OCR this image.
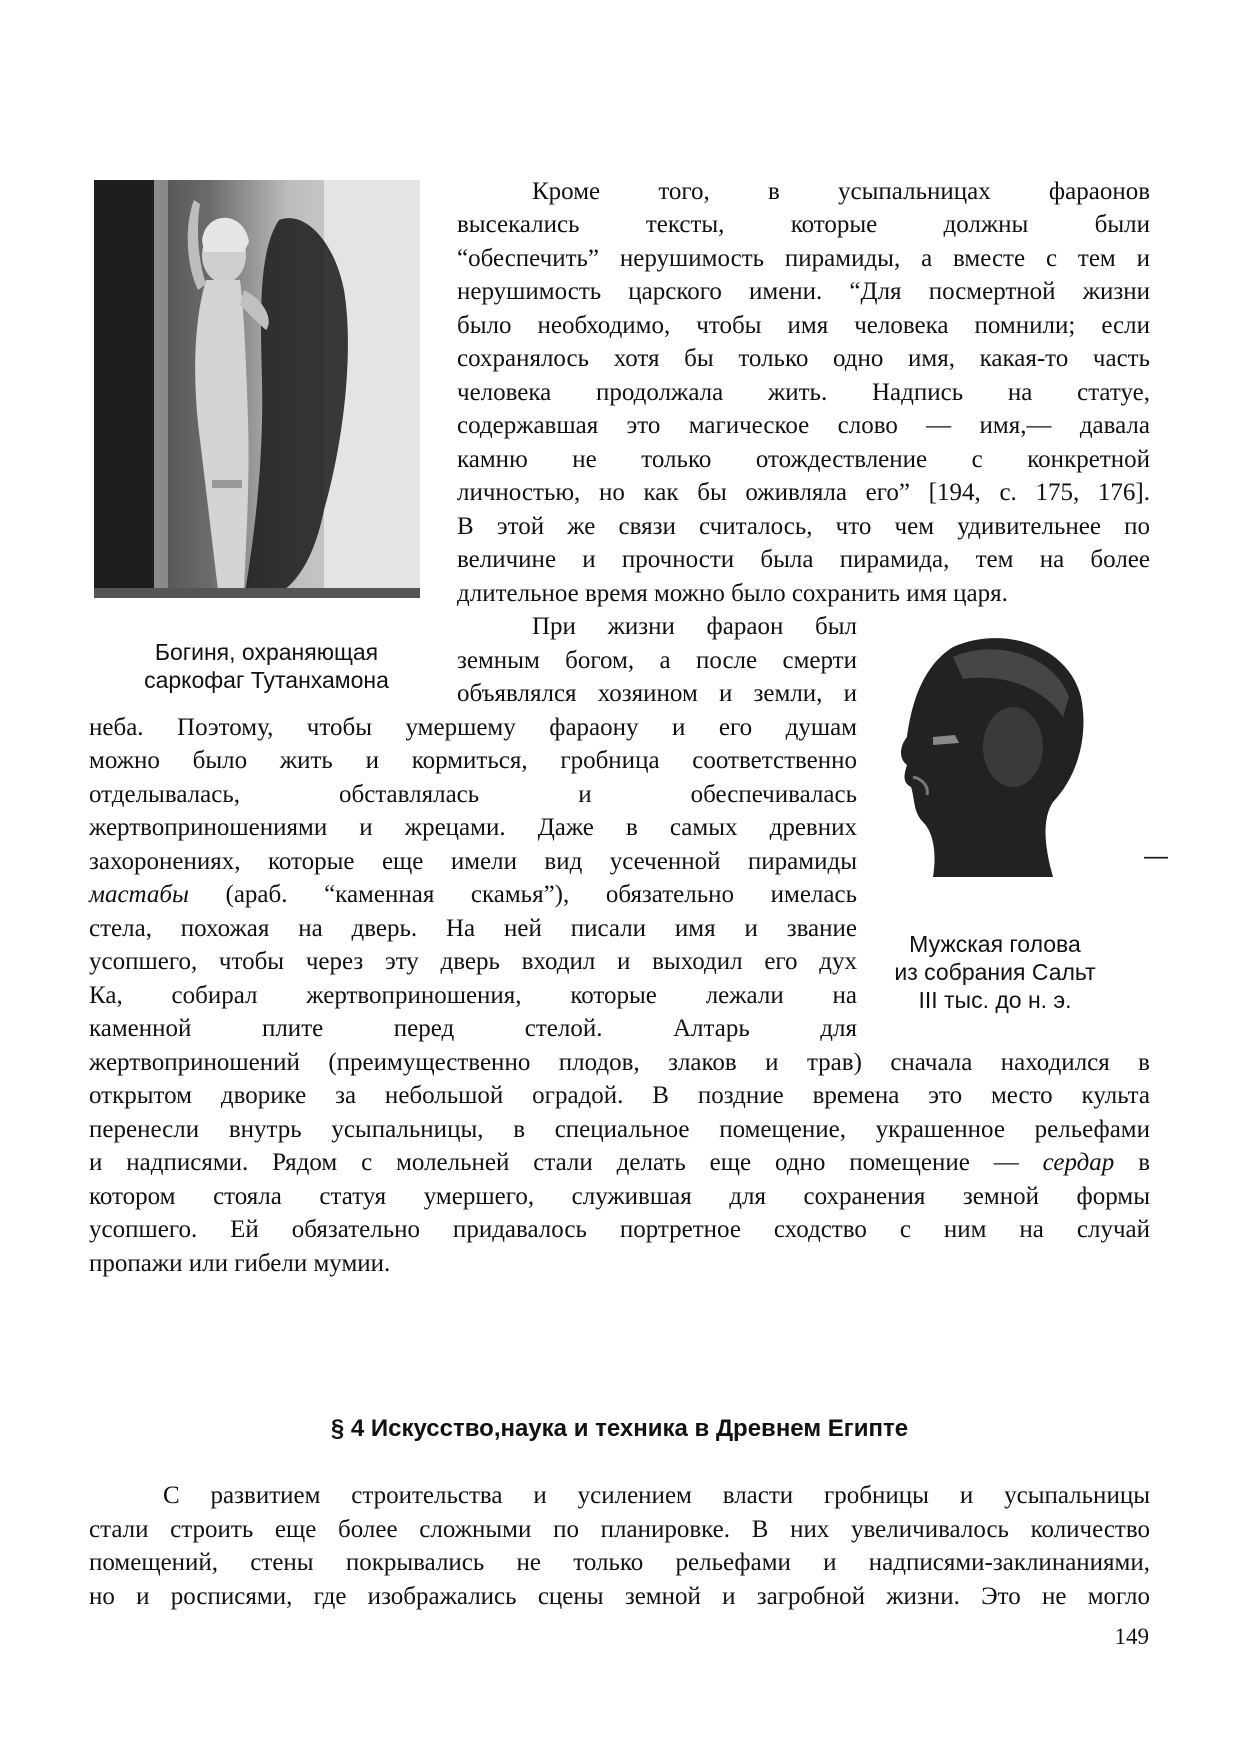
Богиня, охраняющая
саркофаг Тутанхамона
—
Мужская голова
из собрания Сальт
III тыс. до н. э.
Кроме того, в усыпальницах фараонов
высекались тексты, которые должны были
“обеспечить” нерушимость пирамиды, а вместе с тем и
нерушимость царского имени. “Для посмертной жизни
было необходимо, чтобы имя человека помнили; если
сохранялось хотя бы только одно имя, какая-то часть
человека продолжала жить. Надпись на статуе,
содержавшая это магическое слово — имя,— давала
камню не только отождествление с конкретной
личностью, но как бы оживляла его” [194, с. 175, 176].
В этой же связи считалось, что чем удивительнее по
величине и прочности была пирамида, тем на более
длительное время можно было сохранить имя царя.
При жизни фараон был
земным богом, а после смерти
объявлялся хозяином и земли, и
неба. Поэтому, чтобы умершему фараону и его душам
можно было жить и кормиться, гробница соответственно
отделывалась, обставлялась и обеспечивалась
жертвоприношениями и жрецами. Даже в самых древних
захоронениях, которые еще имели вид усеченной пирамиды
мастабы (араб. “каменная скамья”), обязательно имелась
стела, похожая на дверь. На ней писали имя и звание
усопшего, чтобы через эту дверь входил и выходил его дух
Ка, собирал жертвоприношения, которые лежали на
каменной плите перед стелой. Алтарь для
жертвоприношений (преимущественно плодов, злаков и трав) сначала находился в
открытом дворике за небольшой оградой. В поздние времена это место культа
перенесли внутрь усыпальницы, в специальное помещение, украшенное рельефами
и надписями. Рядом с молельней стали делать еще одно помещение — сердар в
котором стояла статуя умершего, служившая для сохранения земной формы
усопшего. Ей обязательно придавалось портретное сходство с ним на случай
пропажи или гибели мумии.
§ 4 Искусство,наука и техника в Древнем Египте
С развитием строительства и усилением власти гробницы и усыпальницы
стали строить еще более сложными по планировке. В них увеличивалось количество
помещений, стены покрывались не только рельефами и надписями-заклинаниями,
но и росписями, где изображались сцены земной и загробной жизни. Это не могло
149
